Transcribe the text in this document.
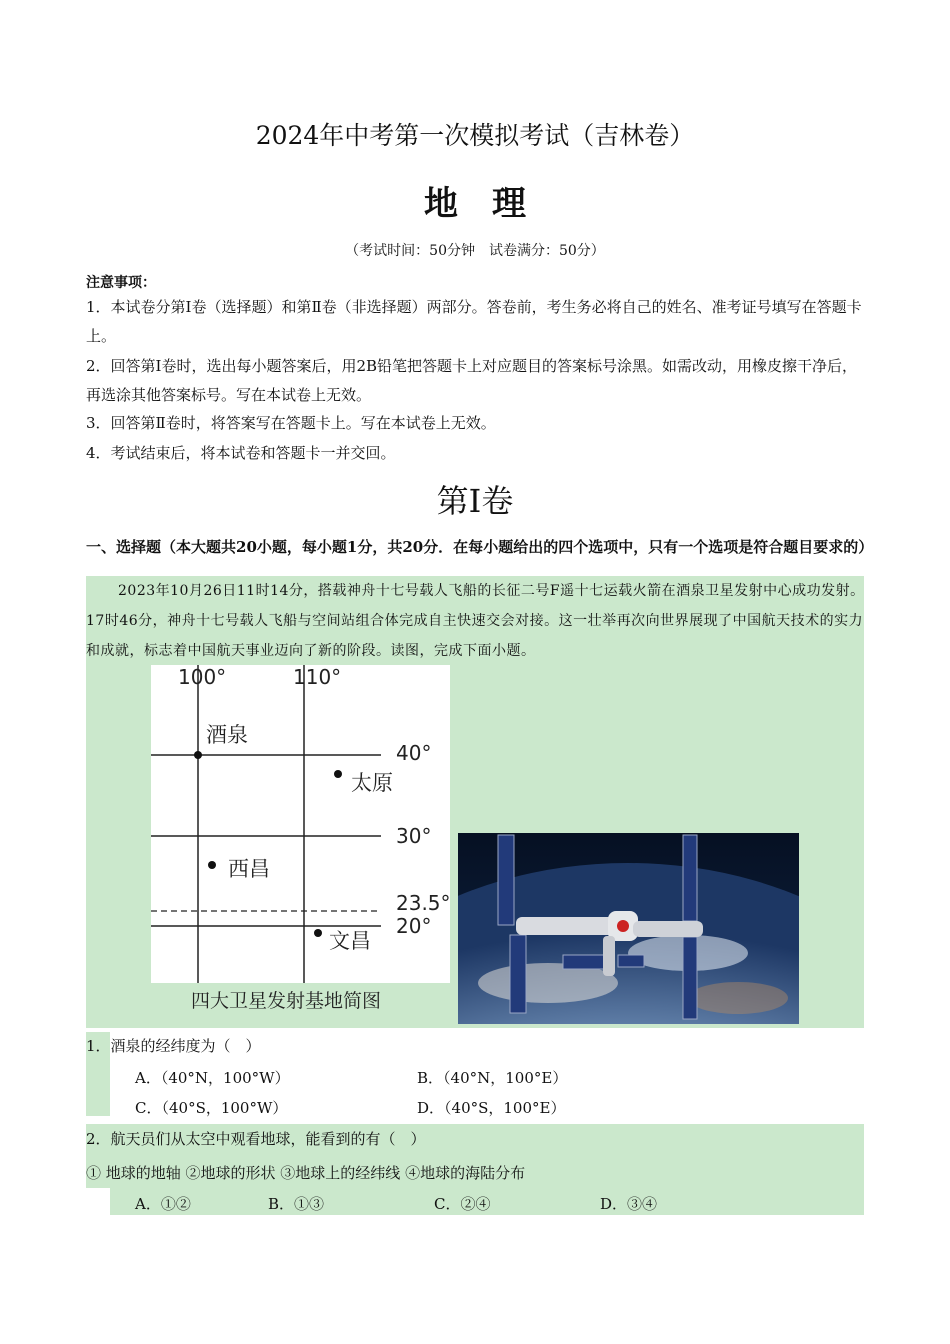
2024年中考第一次模拟考试（吉林卷）
地理
（考试时间：50分钟　试卷满分：50分）
注意事项：
1．本试卷分第Ⅰ卷（选择题）和第Ⅱ卷（非选择题）两部分。答卷前，考生务必将自己的姓名、准考证号填写在答题卡上。
2．回答第Ⅰ卷时，选出每小题答案后，用2B铅笔把答题卡上对应题目的答案标号涂黑。如需改动，用橡皮擦干净后，再选涂其他答案标号。写在本试卷上无效。
3．回答第Ⅱ卷时，将答案写在答题卡上。写在本试卷上无效。
4．考试结束后，将本试卷和答题卡一并交回。
第Ⅰ卷
一、选择题（本大题共20小题，每小题1分，共20分．在每小题给出的四个选项中，只有一个选项是符合题目要求的）
2023年10月26日11时14分，搭载神舟十七号载人飞船的长征二号F遥十七运载火箭在酒泉卫星发射中心成功发射。17时46分，神舟十七号载人飞船与空间站组合体完成自主快速交会对接。这一壮举再次向世界展现了中国航天技术的实力和成就，标志着中国航天事业迈向了新的阶段。读图，完成下面小题。
100°	110°
40°
30°
23.5°
20°
酒泉
太原
西昌
文昌
四大卫星发射基地简图
1．酒泉的经纬度为（　）
A．（40°N，100°W）	B．（40°N，100°E）
C．（40°S，100°W）	D．（40°S，100°E）
2．航天员们从太空中观看地球，能看到的有（　）
① 地球的地轴 ②地球的形状 ③地球上的经纬线 ④地球的海陆分布
A．①②	B．①③	C．②④	D．③④
